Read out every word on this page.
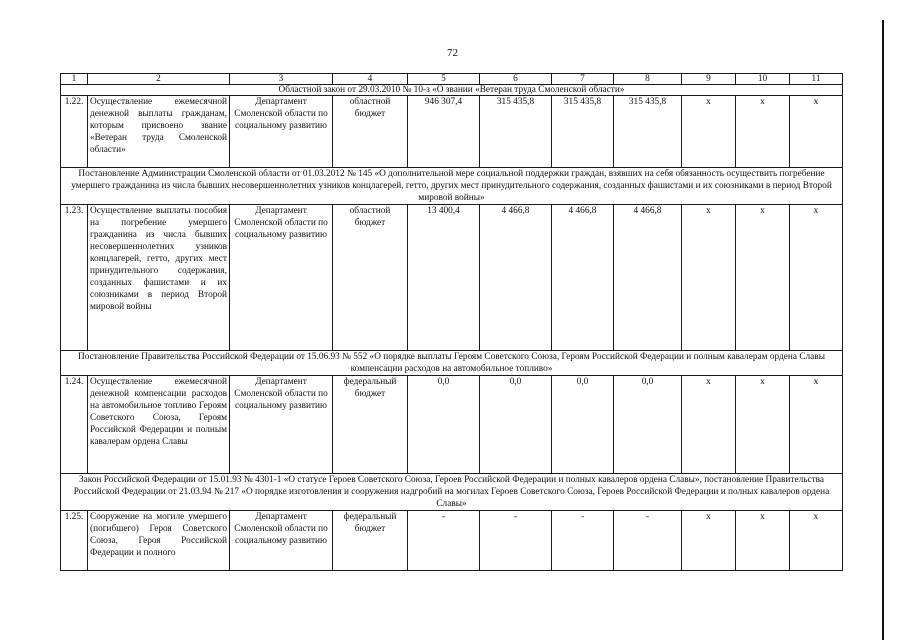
72
1	2	3	4	5	6	7	8	9	10	11
Областной закон от 29.03.2010 № 10-з «О звании «Ветеран труда Смоленской области»										
1.22.	Осуществление ежемесячной денежной выплаты гражданам, которым присвоено звание «Ветеран труда Смоленской области»	Департамент Смоленской области по социальному развитию	областной бюджет	946 307,4	315 435,8	315 435,8	315 435,8	x	x	x
Постановление Администрации Смоленской области от 01.03.2012 № 145 «О дополнительной мере социальной поддержки граждан, взявших на себя обязанность осуществить погребение умершего гражданина из числа бывших несовершеннолетних узников концлагерей, гетто, других мест принудительного содержания, созданных фашистами и их союзниками в период Второй мировой войны»										
1.23.	Осуществление выплаты пособия на погребение умершего гражданина из числа бывших несовершеннолетних узников концлагерей, гетто, других мест принудительного содержания, созданных фашистами и их союзниками в период Второй мировой войны	Департамент Смоленской области по социальному развитию	областной бюджет	13 400,4	4 466,8	4 466,8	4 466,8	x	x	x
Постановление Правительства Российской Федерации от 15.06.93 № 552 «О порядке выплаты Героям Советского Союза, Героям Российской Федерации и полным кавалерам ордена Славы компенсации расходов на автомобильное топливо»										
1.24.	Осуществление ежемесячной денежной компенсации расходов на автомобильное топливо Героям Советского Союза, Героям Российской Федерации и полным кавалерам ордена Славы	Департамент Смоленской области по социальному развитию	федеральный бюджет	0,0	0,0	0,0	0,0	x	x	x
Закон Российской Федерации от 15.01.93 № 4301-1 «О статусе Героев Советского Союза, Героев Российской Федерации и полных кавалеров ордена Славы», постановление Правительства Российской Федерации от 21.03.94 № 217 «О порядке изготовления и сооружения надгробий на могилах Героев Советского Союза, Героев Российской Федерации и полных кавалеров ордена Славы»										
1.25.	Сооружение на могиле умершего (погибшего) Героя Советского Союза, Героя Российской Федерации и полного	Департамент Смоленской области по социальному развитию	федеральный бюджет	-	-	-	-	x	x	x
